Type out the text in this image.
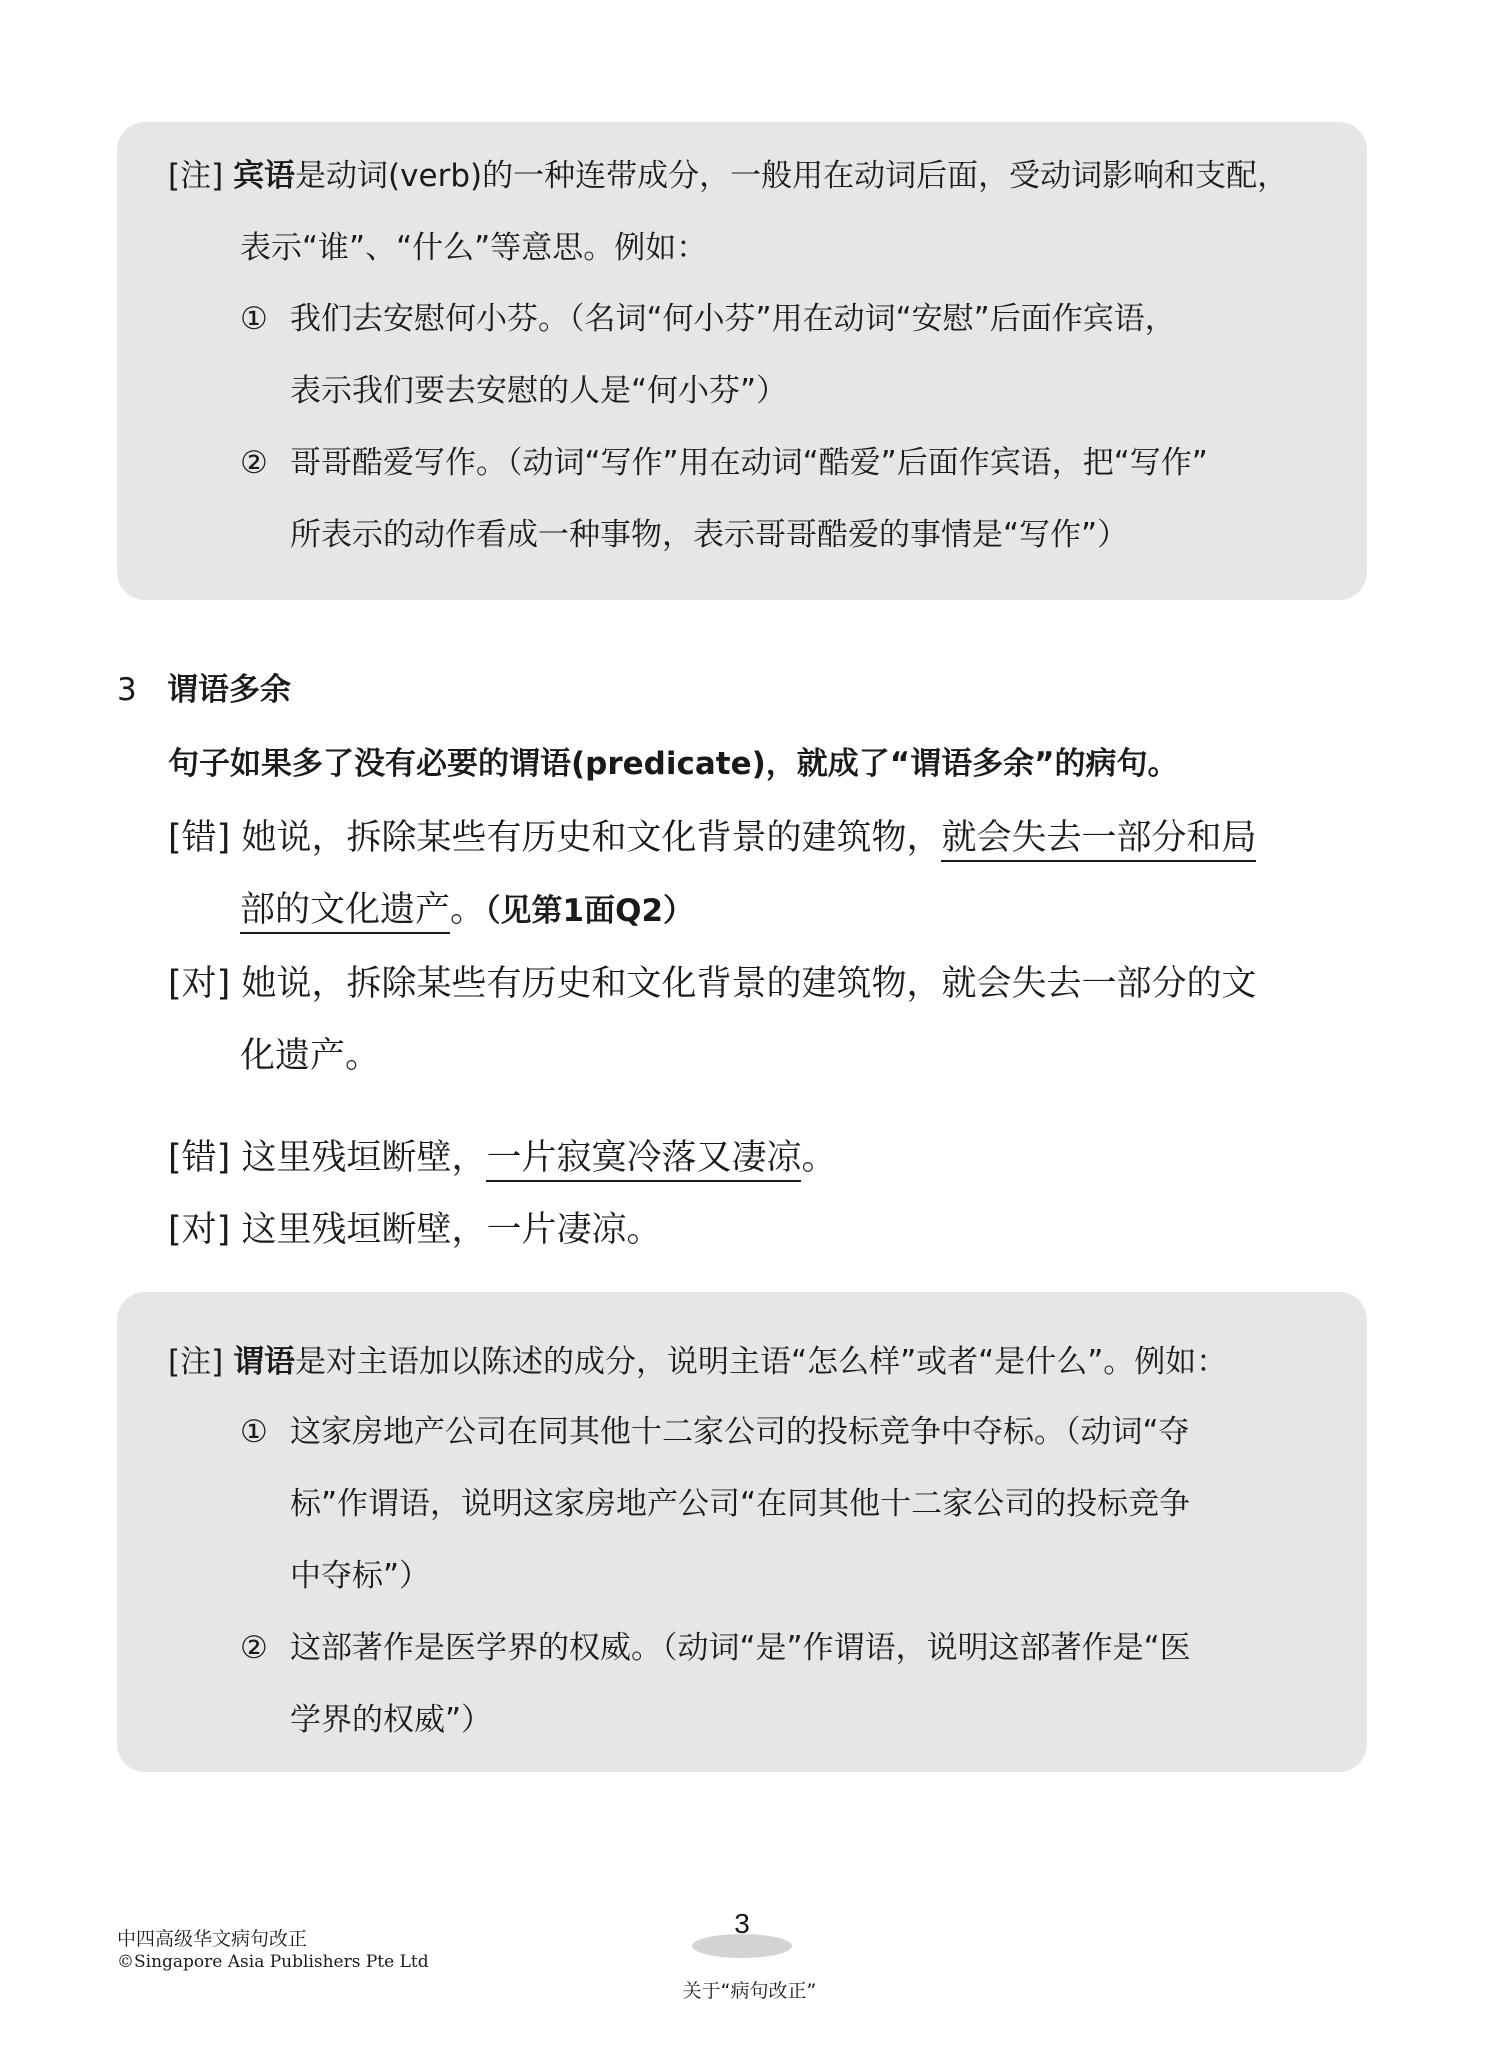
[注] 宾语是动词(verb)的一种连带成分，一般用在动词后面，受动词影响和支配，
表示“谁”、“什么”等意思。例如：
① 我们去安慰何小芬。（名词“何小芬”用在动词“安慰”后面作宾语，
表示我们要去安慰的人是“何小芬”）
② 哥哥酷爱写作。（动词“写作”用在动词“酷爱”后面作宾语，把“写作”
所表示的动作看成一种事物，表示哥哥酷爱的事情是“写作”）
3 谓语多余
句子如果多了没有必要的谓语(predicate)，就成了“谓语多余”的病句。
[错] 她说，拆除某些有历史和文化背景的建筑物，就会失去一部分和局
部的文化遗产。（见第1面Q2）
[对] 她说，拆除某些有历史和文化背景的建筑物，就会失去一部分的文
化遗产。
[错] 这里残垣断壁，一片寂寞冷落又凄凉。
[对] 这里残垣断壁，一片凄凉。
[注] 谓语是对主语加以陈述的成分，说明主语“怎么样”或者“是什么”。例如：
① 这家房地产公司在同其他十二家公司的投标竞争中夺标。（动词“夺
标”作谓语，说明这家房地产公司“在同其他十二家公司的投标竞争
中夺标”）
② 这部著作是医学界的权威。（动词“是”作谓语，说明这部著作是“医
学界的权威”）
中四高级华文病句改正
©Singapore Asia Publishers Pte Ltd
3
关于“病句改正”
